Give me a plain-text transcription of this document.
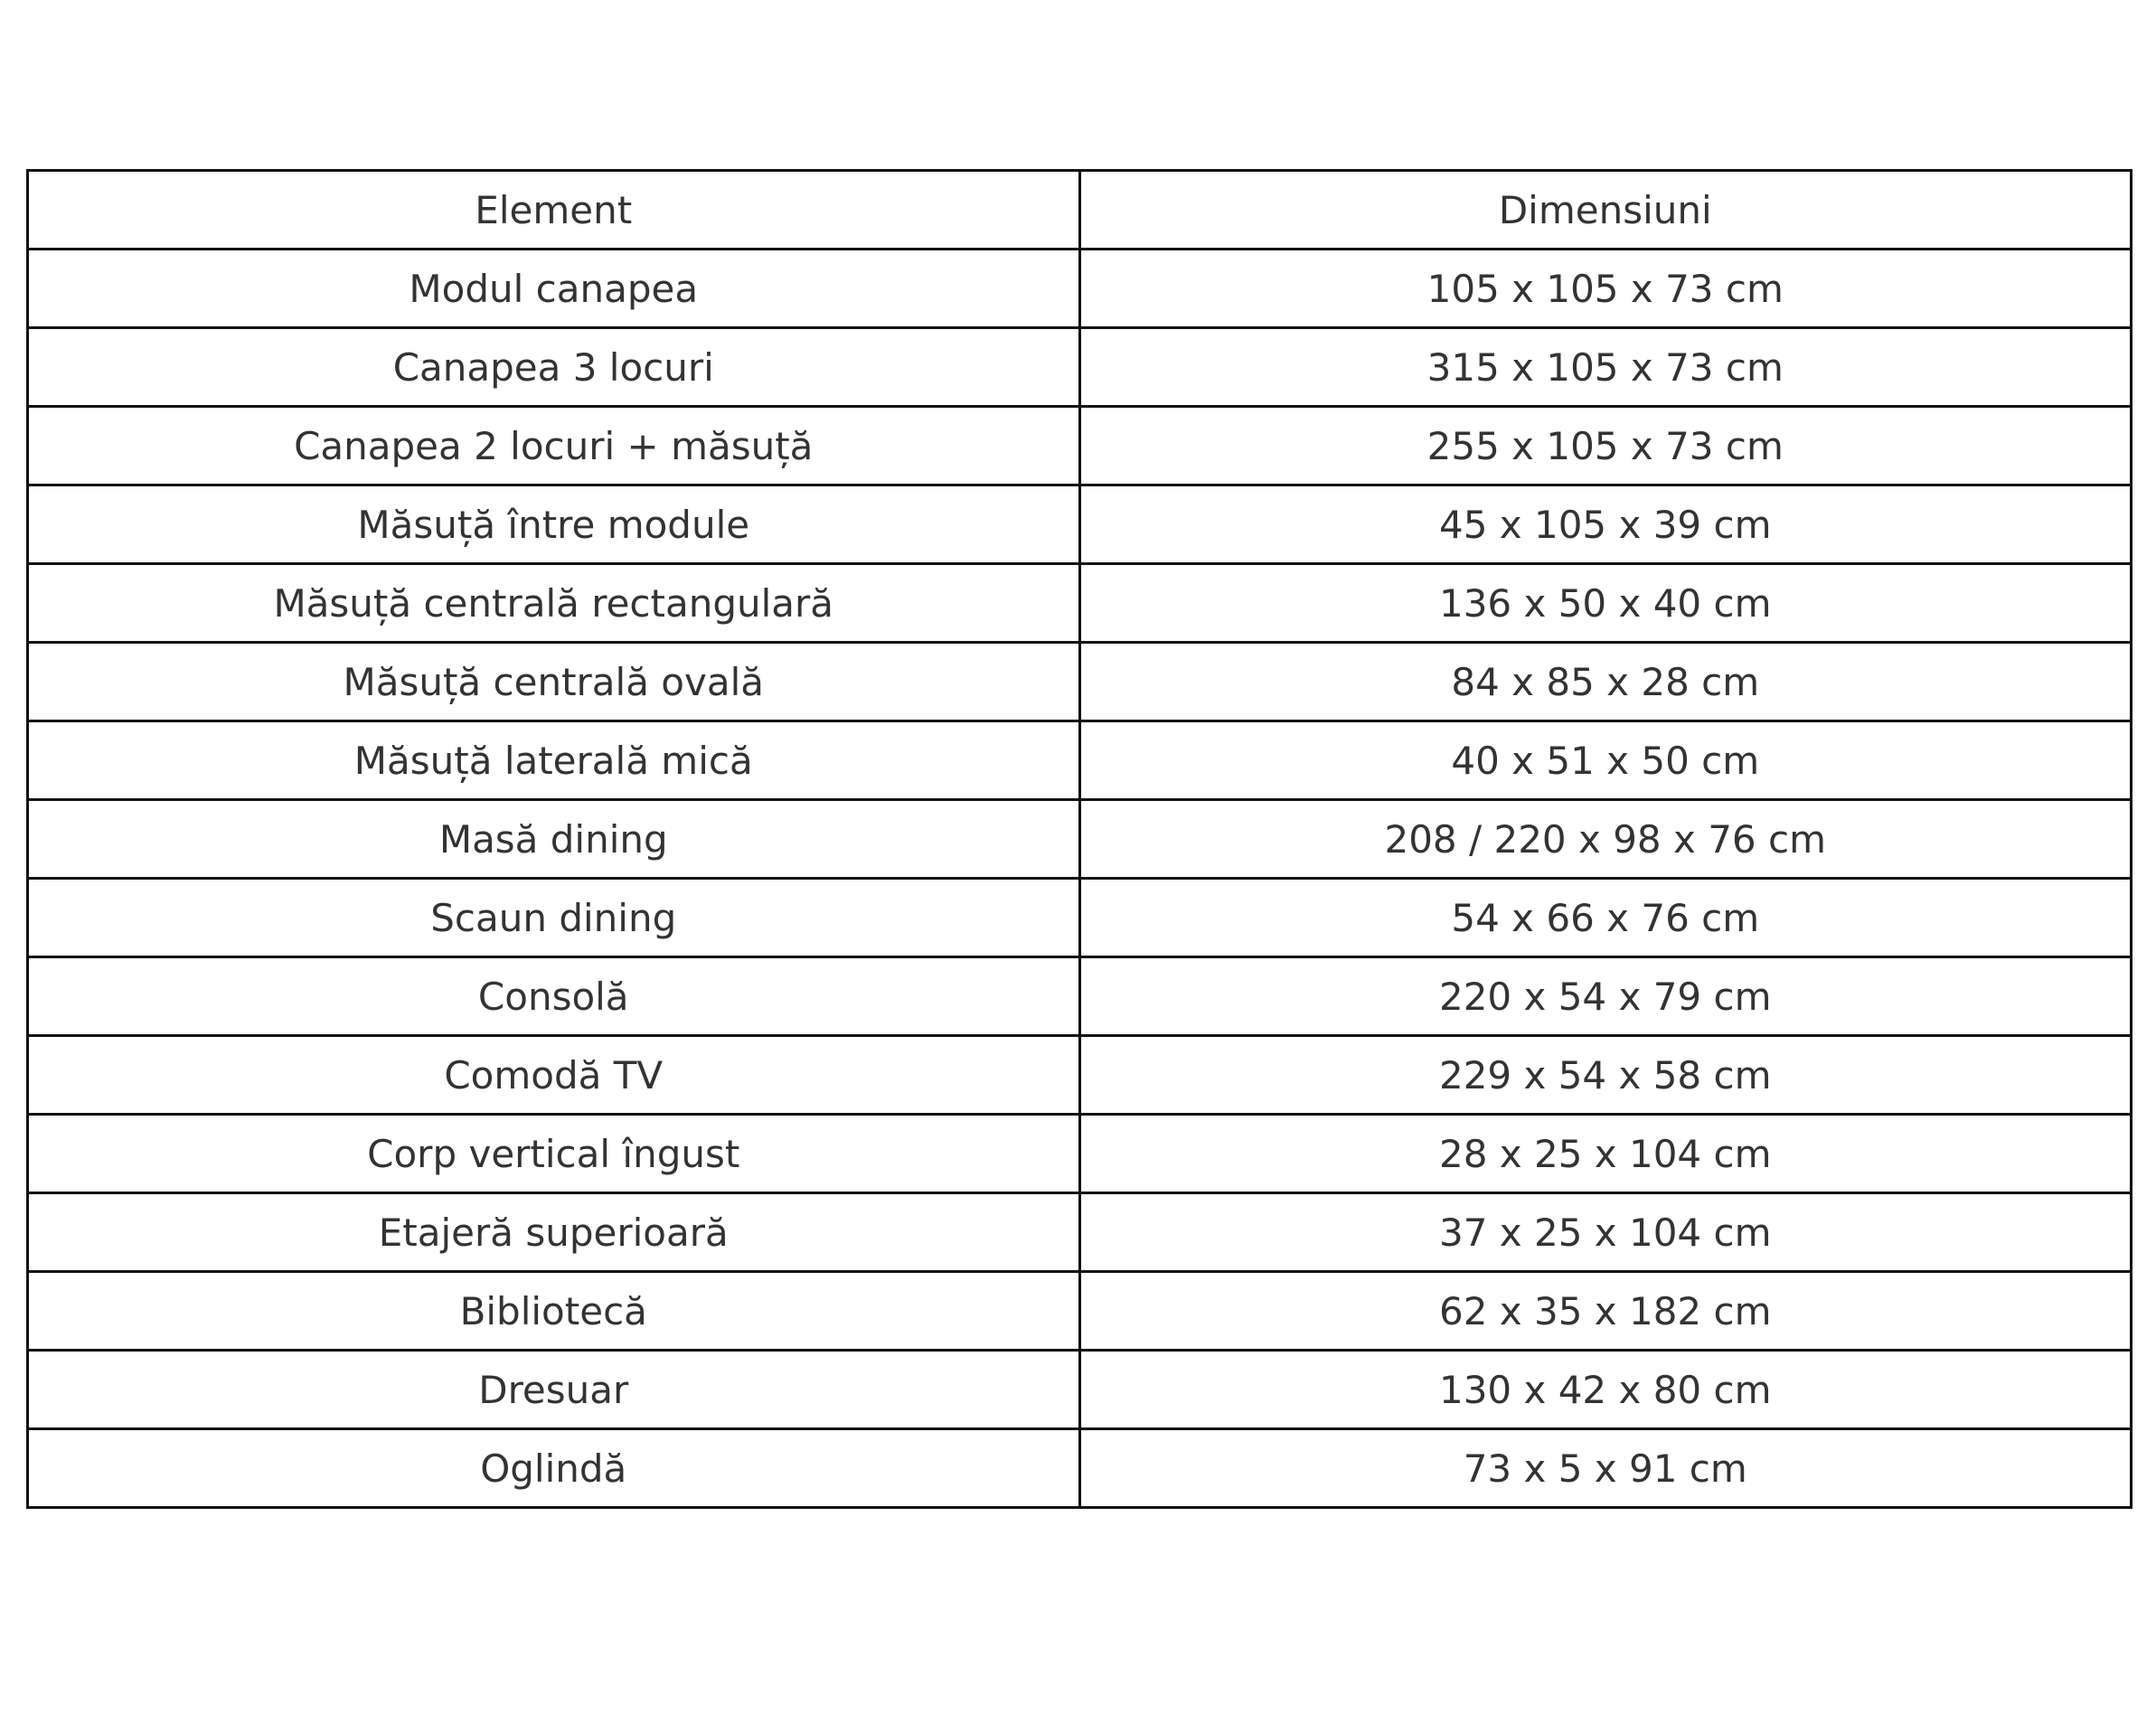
Element	Dimensiuni
Modul canapea	105 x 105 x 73 cm
Canapea 3 locuri	315 x 105 x 73 cm
Canapea 2 locuri + măsuță	255 x 105 x 73 cm
Măsuță între module	45 x 105 x 39 cm
Măsuță centrală rectangulară	136 x 50 x 40 cm
Măsuță centrală ovală	84 x 85 x 28 cm
Măsuță laterală mică	40 x 51 x 50 cm
Masă dining	208 / 220 x 98 x 76 cm
Scaun dining	54 x 66 x 76 cm
Consolă	220 x 54 x 79 cm
Comodă TV	229 x 54 x 58 cm
Corp vertical îngust	28 x 25 x 104 cm
Etajeră superioară	37 x 25 x 104 cm
Bibliotecă	62 x 35 x 182 cm
Dresuar	130 x 42 x 80 cm
Oglindă	73 x 5 x 91 cm
